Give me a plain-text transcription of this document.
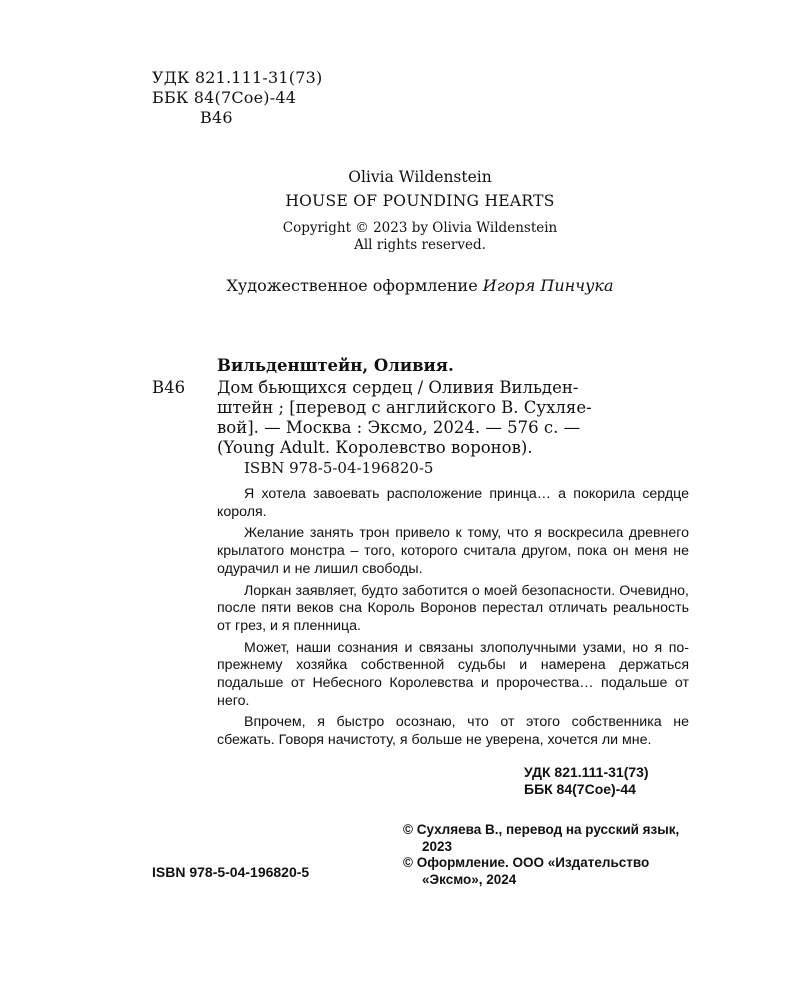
УДК 821.111-31(73)
ББК 84(7Сое)-44
В46
Olivia Wildenstein
HOUSE OF POUNDING HEARTS
Copyright © 2023 by Olivia Wildenstein
All rights reserved.
Художественное оформление Игоря Пинчука
Вильденштейн, Оливия.
В46 Дом бьющихся сердец / Оливия Вильден-
штейн ; [перевод с английского В. Сухляе-
вой]. — Москва : Эксмо, 2024. — 576 с. —
(Young Adult. Королевство воронов).
ISBN 978-5-04-196820-5

Я хотела завоевать расположение принца… а покорила сердце короля.

Желание занять трон привело к тому, что я воскресила древнего крылатого монстра – того, которого считала другом, пока он меня не одурачил и не лишил свободы.

Лоркан заявляет, будто заботится о моей безопасности. Очевидно, после пяти веков сна Король Воронов перестал отличать реальность от грез, и я пленница.

Может, наши сознания и связаны злополучными узами, но я по-прежнему хозяйка собственной судьбы и намерена держаться подальше от Небесного Королевства и пророчества… подальше от него.

Впрочем, я быстро осознаю, что от этого собственника не сбежать. Говоря начистоту, я больше не уверена, хочется ли мне.

УДК 821.111-31(73)
ББК 84(7Сое)-44
© Сухляева В., перевод на русский язык, 2023
© Оформление. ООО «Издательство «Эксмо», 2024
ISBN 978-5-04-196820-5
